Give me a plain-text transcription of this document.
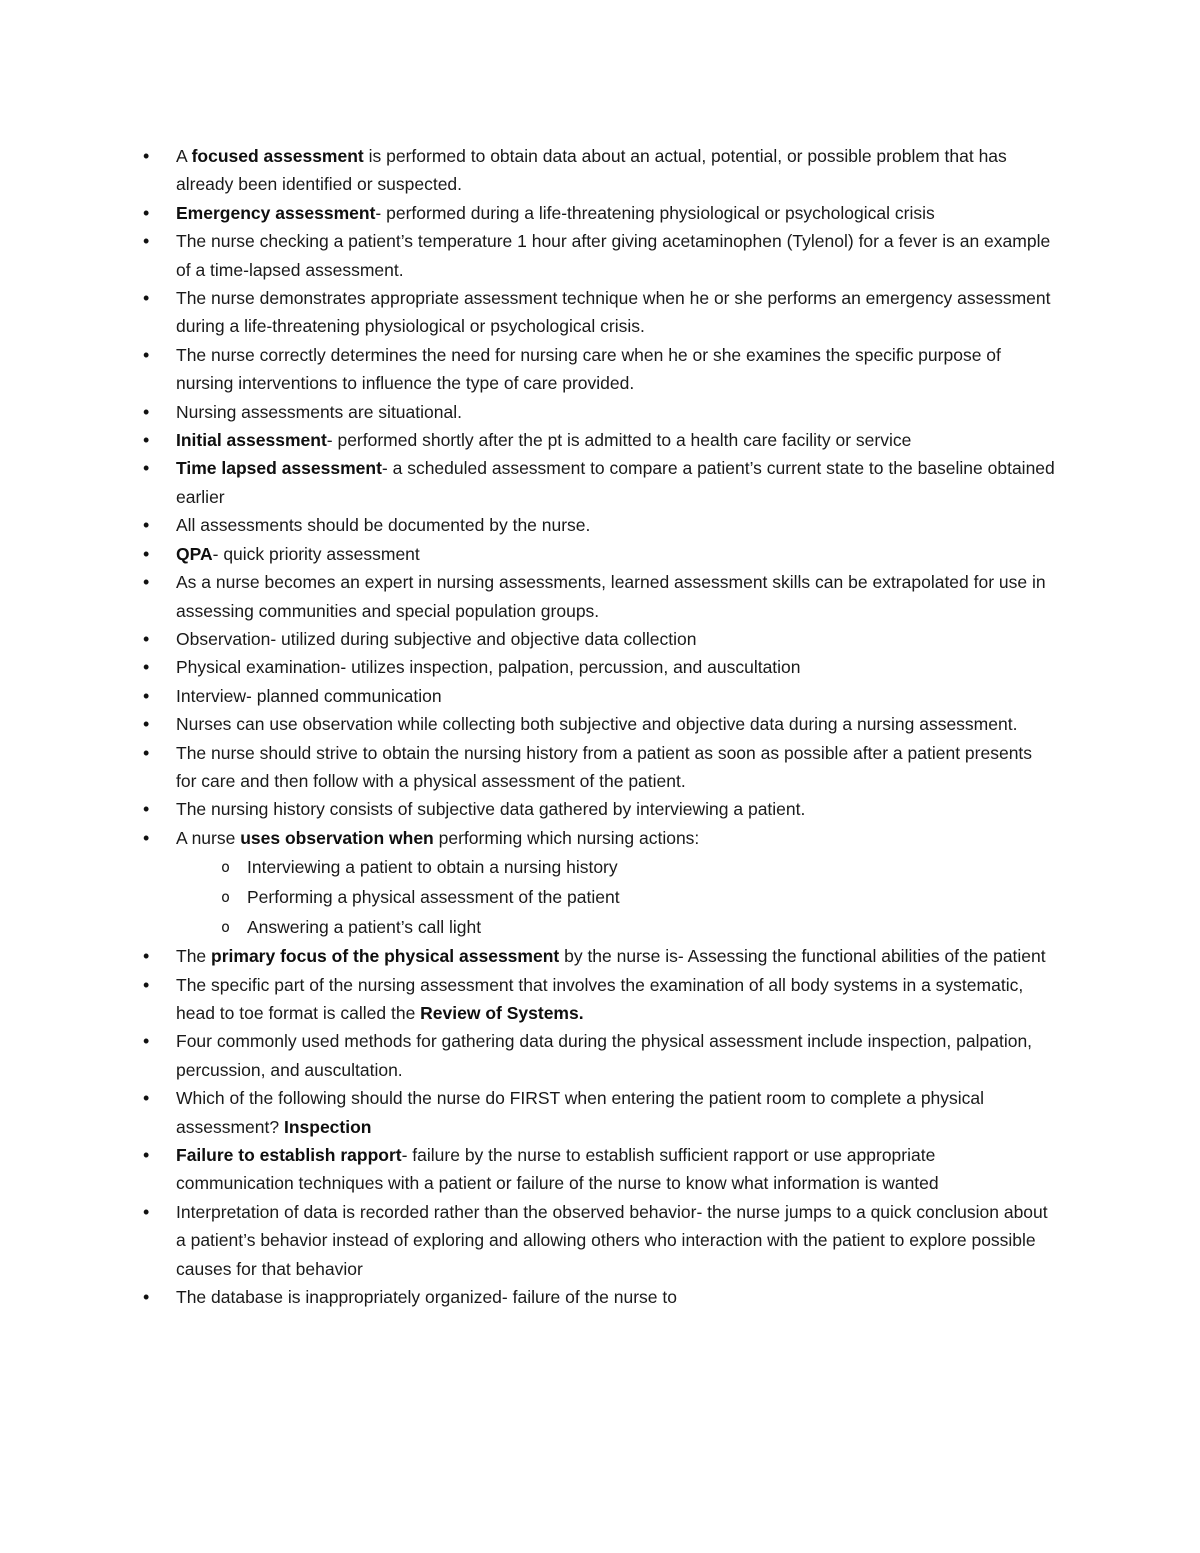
• A focused assessment is performed to obtain data about an actual, potential, or possible problem that has already been identified or suspected.
• Emergency assessment- performed during a life-threatening physiological or psychological crisis
• The nurse checking a patient’s temperature 1 hour after giving acetaminophen (Tylenol) for a fever is an example of a time-lapsed assessment.
• The nurse demonstrates appropriate assessment technique when he or she performs an emergency assessment during a life-threatening physiological or psychological crisis.
• The nurse correctly determines the need for nursing care when he or she examines the specific purpose of nursing interventions to influence the type of care provided.
• Nursing assessments are situational.
• Initial assessment- performed shortly after the pt is admitted to a health care facility or service
• Time lapsed assessment- a scheduled assessment to compare a patient’s current state to the baseline obtained earlier
• All assessments should be documented by the nurse.
• QPA- quick priority assessment
• As a nurse becomes an expert in nursing assessments, learned assessment skills can be extrapolated for use in assessing communities and special population groups.
• Observation- utilized during subjective and objective data collection
• Physical examination- utilizes inspection, palpation, percussion, and auscultation
• Interview- planned communication
• Nurses can use observation while collecting both subjective and objective data during a nursing assessment.
• The nurse should strive to obtain the nursing history from a patient as soon as possible after a patient presents for care and then follow with a physical assessment of the patient.
• The nursing history consists of subjective data gathered by interviewing a patient.
• A nurse uses observation when performing which nursing actions:
o Interviewing a patient to obtain a nursing history
o Performing a physical assessment of the patient
o Answering a patient’s call light
• The primary focus of the physical assessment by the nurse is- Assessing the functional abilities of the patient
• The specific part of the nursing assessment that involves the examination of all body systems in a systematic, head to toe format is called the Review of Systems.
• Four commonly used methods for gathering data during the physical assessment include inspection, palpation, percussion, and auscultation.
• Which of the following should the nurse do FIRST when entering the patient room to complete a physical assessment? Inspection
• Failure to establish rapport- failure by the nurse to establish sufficient rapport or use appropriate communication techniques with a patient or failure of the nurse to know what information is wanted
• Interpretation of data is recorded rather than the observed behavior- the nurse jumps to a quick conclusion about a patient’s behavior instead of exploring and allowing others who interaction with the patient to explore possible causes for that behavior
• The database is inappropriately organized- failure of the nurse to
